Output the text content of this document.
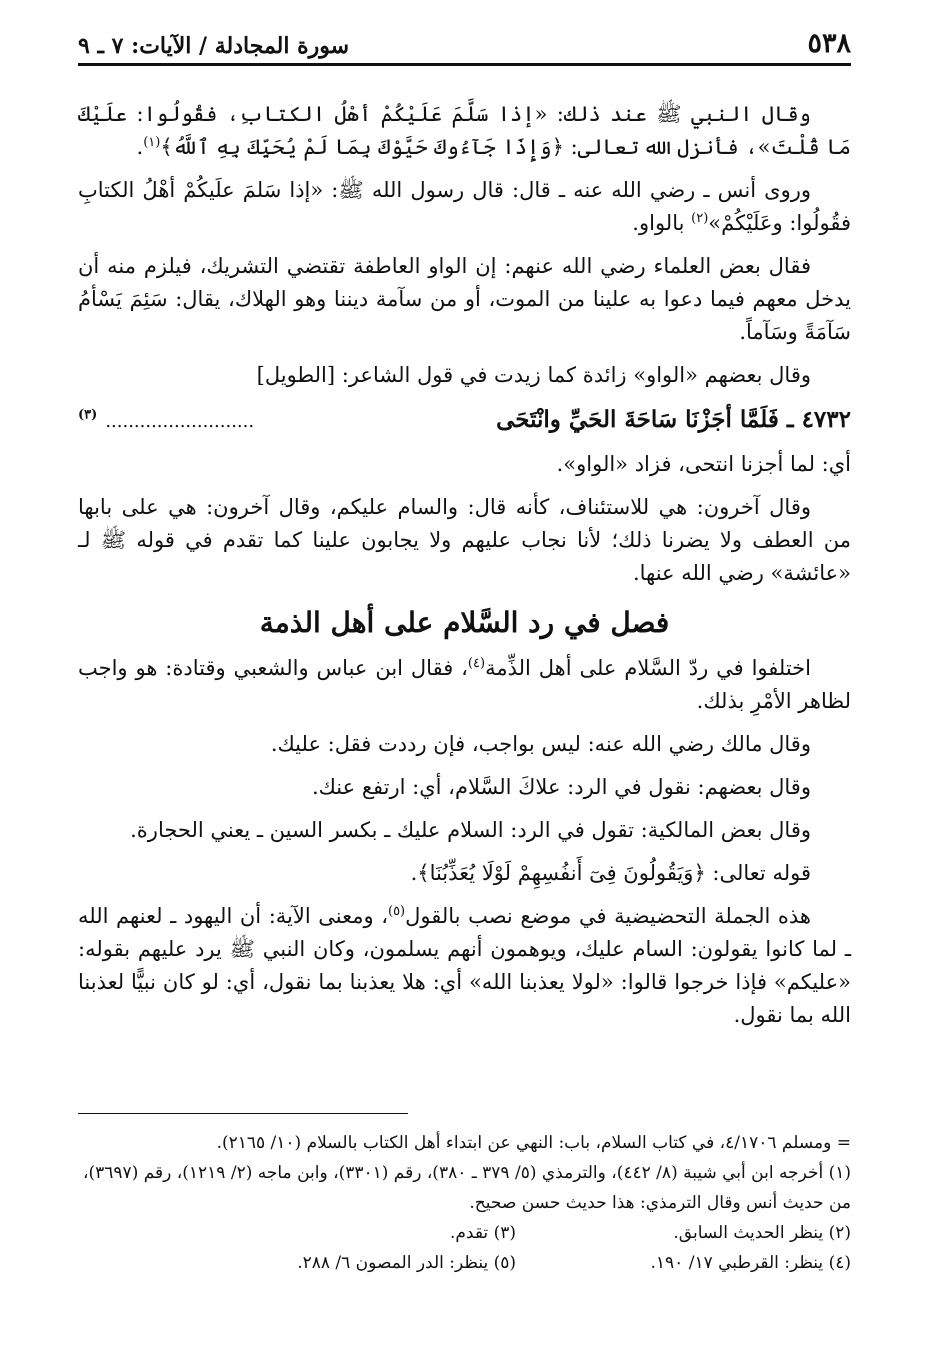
٥٣٨
سورة المجادلة / الآيات: ٧ ـ ٩

وقال النبي ﷺ عند ذلك: «إذا سَلَّمَ عَلَيْكُمْ أهْلُ الكتابِ، فقُولُوا: علَيْكَ مَا قُلْتَ»، فأنزل الله تعالى: ﴿وَإِذَا جَآءُوكَ حَيَّوْكَ بِمَا لَمْ يُحَيِّكَ بِهِ ٱللَّهُ﴾$^{(١)}$.

وروى أنس ـ رضي الله عنه ـ قال: قال رسول الله ﷺ: «إذا سَلمَ علَيكُمْ أهْلُ الكتابِ فقُولُوا: وعَلَيْكُمْ»$^{(٢)}$ بالواو.

فقال بعض العلماء رضي الله عنهم: إن الواو العاطفة تقتضي التشريك، فيلزم منه أن يدخل معهم فيما دعوا به علينا من الموت، أو من سآمة ديننا وهو الهلاك، يقال: سَئِمَ يَسْأمُ سَآمَةً وسَآماً.

وقال بعضهم «الواو» زائدة كما زيدت في قول الشاعر: [الطويل]

٤٧٣٢ ـ فَلَمَّا أجَزْنَا سَاحَةَ الحَيِّ وانْتَحَى
.......................... $^{(٣)}$

أي: لما أجزنا انتحى، فزاد «الواو».

وقال آخرون: هي للاستئناف، كأنه قال: والسام عليكم، وقال آخرون: هي على بابها من العطف ولا يضرنا ذلك؛ لأنا نجاب عليهم ولا يجابون علينا كما تقدم في قوله ﷺ لـ «عائشة» رضي الله عنها.

فصل في رد السَّلام على أهل الذمة

اختلفوا في ردّ السَّلام على أهل الذِّمة$^{(٤)}$، فقال ابن عباس والشعبي وقتادة: هو واجب لظاهر الأمْرِ بذلك.

وقال مالك رضي الله عنه: ليس بواجب، فإن رددت فقل: عليك.

وقال بعضهم: نقول في الرد: علاكَ السَّلام، أي: ارتفع عنك.

وقال بعض المالكية: تقول في الرد: السلام عليك ـ بكسر السين ـ يعني الحجارة.

قوله تعالى: ﴿وَيَقُولُونَ فِىٓ أَنفُسِهِمْ لَوْلَا يُعَذِّبُنَا﴾.

هذه الجملة التحضيضية في موضع نصب بالقول$^{(٥)}$، ومعنى الآية: أن اليهود ـ لعنهم الله ـ لما كانوا يقولون: السام عليك، ويوهمون أنهم يسلمون، وكان النبي ﷺ يرد عليهم بقوله: «عليكم» فإذا خرجوا قالوا: «لولا يعذبنا الله» أي: هلا يعذبنا بما نقول، أي: لو كان نبيًّا لعذبنا الله بما نقول.

= ومسلم ٤/١٧٠٦، في كتاب السلام، باب: النهي عن ابتداء أهل الكتاب بالسلام (١٠/ ٢١٦٥).

(١) أخرجه ابن أبي شيبة (٨/ ٤٤٢)، والترمذي (٥/ ٣٧٩ ـ ٣٨٠)، رقم (٣٣٠١)، وابن ماجه (٢/ ١٢١٩)، رقم (٣٦٩٧)، من حديث أنس وقال الترمذي: هذا حديث حسن صحيح.

(٢) ينظر الحديث السابق.
(٣) تقدم.
(٤) ينظر: القرطبي ١٧/ ١٩٠.
(٥) ينظر: الدر المصون ٦/ ٢٨٨.
